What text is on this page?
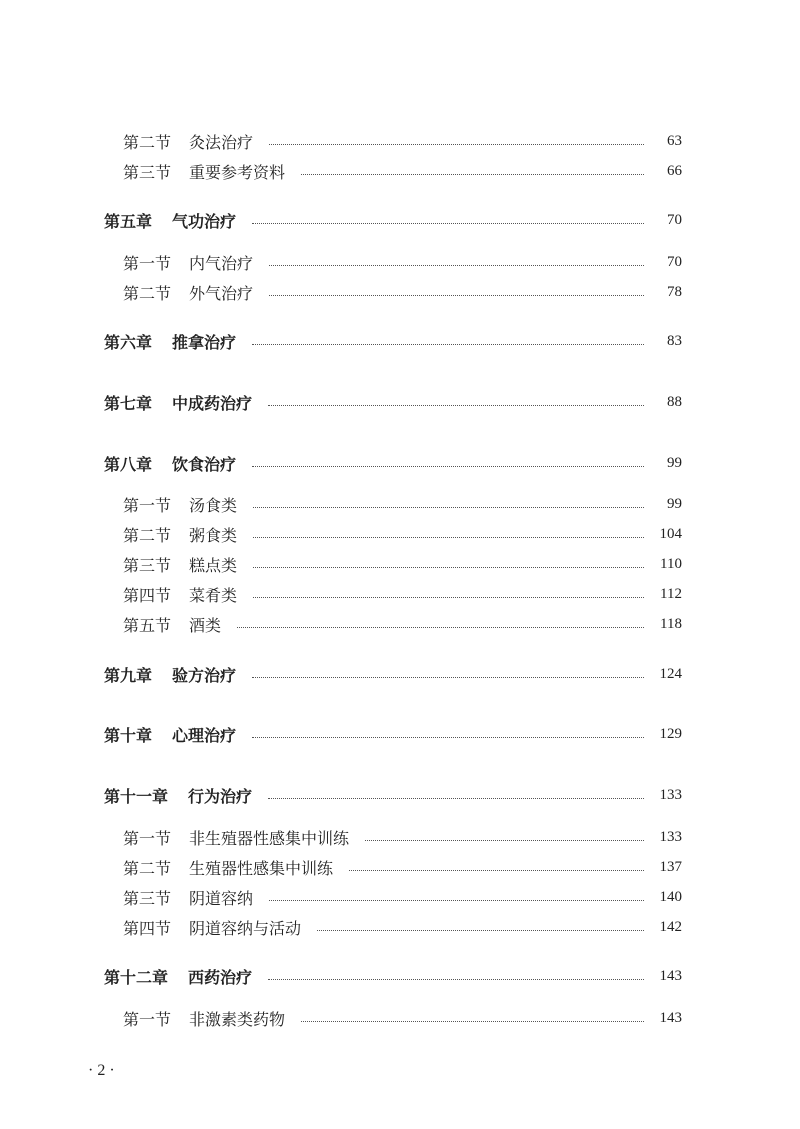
第二节 灸法治疗	63
第三节 重要参考资料	66
第五章 气功治疗	70
第一节 内气治疗	70
第二节 外气治疗	78
第六章 推拿治疗	83
第七章 中成药治疗	88
第八章 饮食治疗	99
第一节 汤食类	99
第二节 粥食类	104
第三节 糕点类	110
第四节 菜肴类	112
第五节 酒类	118
第九章 验方治疗	124
第十章 心理治疗	129
第十一章 行为治疗	133
第一节 非生殖器性感集中训练	133
第二节 生殖器性感集中训练	137
第三节 阴道容纳	140
第四节 阴道容纳与活动	142
第十二章 西药治疗	143
第一节 非激素类药物	143
· 2 ·
